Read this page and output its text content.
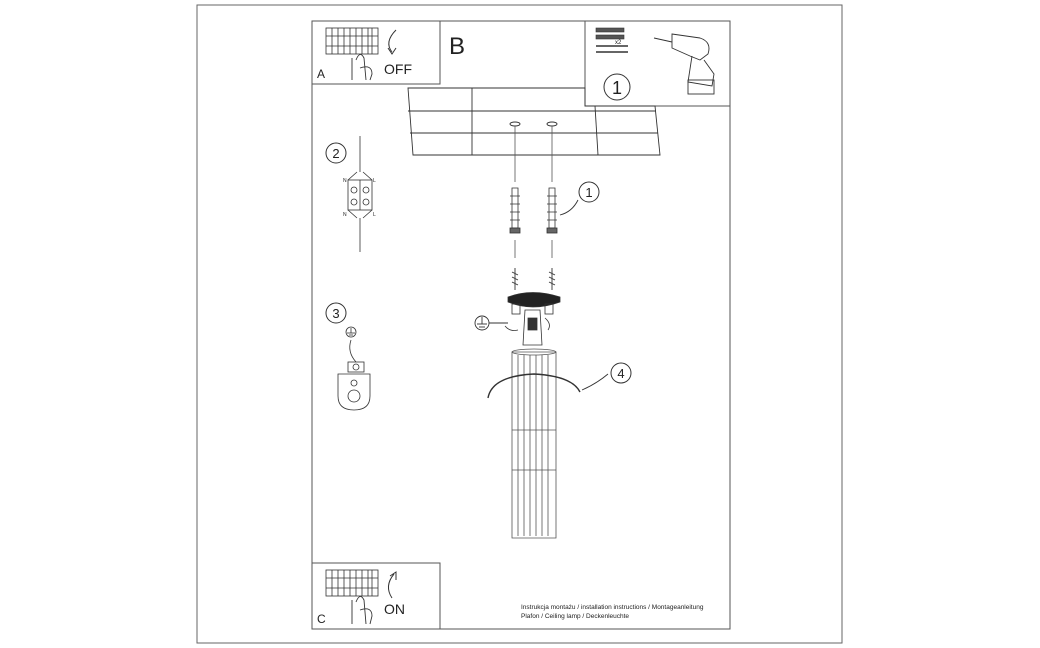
A	OFF
B	x2
1
1
4
2
N	L
N	L
3
C
ON	Instrukcja montażu / installation instructions / Montageanleitung
Plafon / Ceiling lamp / Deckenleuchte
